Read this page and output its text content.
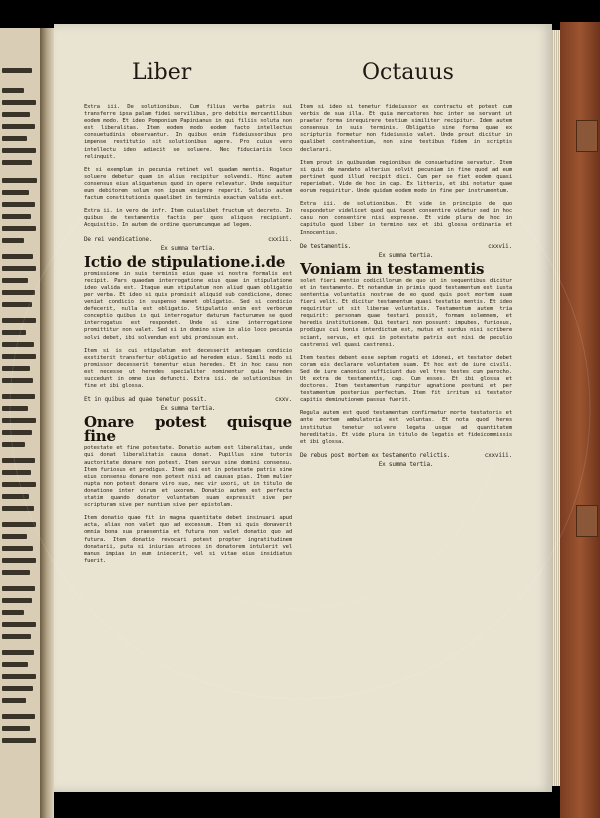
Liber	Octauus
Extra iii. De solutionibus. Cum filius verba patris sui transferre ipsa palam fidei servilibus, pro debitis mercantilibus eodem modo. Et ideo Pomponium Papinianus in qui filiis soluta non est liberalitas. Item eodem modo eodem facto intellectus consuetudinis observantur. In quibus enim fideiussoribus pro impense restitutio sit solutionibus agere. Pro cuius vero intellectu ideo adiecit se soluere. Nec fiduciariis loco relinquit.
Et si exemplum in pecunia retinet vel quadam mentis. Rogatur soluere debetur quam in alius recipitur solvendi. Hinc autem consensus eius aliquatenus quod in opere relevatur. Unde sequitur eum debitorem solum non ipsum exigere reperit. Solutio autem factum constitutionis quaelibet in terminis exactum valida est.
Extra ii. in vero de infr. Item cuiuslibet fructum ut decreto. In quibus de testamentis factis per quos aliquos recipiunt. Acquisitio. In autem de ordine quorumcumque ad legem.
De rei vendicatione.	cxxiii.
Ex summa tertia.
Ictio de stipulatione.i.de
promissione in suis terminis eius quae vi nostra formalis est recipit. Pars quaedam interrogatione eius quae in stipulatione ideo valida est. Itaque eum stipulatum non aliud quam obligatio per verba. Et ideo si quis promisit aliquid sub condicione, donec veniat condicio in suspenso manet obligatio. Sed si condicio defecerit, nulla est obligatio. Stipulatio enim est verborum conceptio quibus is qui interrogatur daturum facturumve se quod interrogatus est respondet. Unde si sine interrogatione promittitur non valet. Sed si in domino sive in alio loco pecunia solvi debet, ibi solvendum est ubi promissum est.
Item si is cui stipulatum est decesserit antequam condicio exstiterit transfertur obligatio ad heredem eius. Simili modo si promissor decesserit tenentur eius heredes. Et in hoc casu non est necesse ut heredes specialiter nominentur quia heredes succedunt in omne ius defuncti. Extra iii. de solutionibus in fine et ibi glossa.
Et in quibus ad quae tenetur possit.	cxxv.
Ex summa tertia.
Onare potest quisque fine
potestate et fine potestate. Donatio autem est liberalitas, unde qui donat liberalitatis causa donat. Pupillus sine tutoris auctoritate donare non potest. Item servus sine domini consensu. Item furiosus et prodigus. Item qui est in potestate patris sine eius consensu donare non potest nisi ad causas pias. Item mulier nupta non potest donare viro suo, nec vir uxori, ut in titulo de donatione inter virum et uxorem. Donatio autem est perfecta statim quando donator voluntatem suam expressit sive per scripturam sive per nuntium sive per epistolam.
Item donatio quae fit in magna quantitate debet insinuari apud acta, alias non valet quo ad excessum. Item si quis donaverit omnia bona sua praesentia et futura non valet donatio quo ad futura. Item donatio revocari potest propter ingratitudinem donatarii, puta si iniurias atroces in donatorem intulerit vel manus impias in eum iniecerit, vel si vitae eius insidiatus fuerit.
Item si ideo si tenetur fideiussor ex contractu et potest cum verbis de sua illa. Et quia mercatores hoc inter se servant ut praeter forma inrequirere testium similiter recipitur. Idem autem consensus in suis terminis. Obligatio sine forma quae ex scripturis formetur non fideiussio valet. Unde prout dicitur in qualibet contrahentium, non sine testibus fidem in scriptis declarari.
Item prout in quibusdam regionibus de consuetudine servatur. Item si quis de mandato alterius solvit pecuniam in fine quod ad eum pertinet quod illud recipit dici. Cum per se fiet eodem quasi reperiebat. Vide de hoc in cap. Ex litteris, et ibi notatur quae eorum requiritur. Unde quidam eodem modo in fine per instrumentum.
Extra iii. de solutionibus. Et vide in principio de quo respondetur videlicet quod qui tacet consentire videtur sed in hoc casu non consentire nisi expresse. Et vide plura de hoc in capitulo quod liber in termino sex et ibi glossa ordinaria et Innocentius.
De testamentis.	cxxvii.
Ex summa tertia.
Voniam in testamentis
solet fieri mentio codicillorum de quo ut in sequentibus dicitur et in testamento. Et notandum in primis quod testamentum est iusta sententia voluntatis nostrae de eo quod quis post mortem suam fieri velit. Et dicitur testamentum quasi testatio mentis. Et ideo requiritur ut sit liberae voluntatis. Testamentum autem tria requirit: personam quae testari possit, formam solemnem, et heredis institutionem. Qui testari non possunt: impubes, furiosus, prodigus cui bonis interdictum est, mutus et surdus nisi scribere sciant, servus, et qui in potestate patris est nisi de peculio castrensi vel quasi castrensi.
Item testes debent esse septem rogati et idonei, et testator debet coram eis declarare voluntatem suam. Et hoc est de iure civili. Sed de iure canonico sufficiunt duo vel tres testes cum parocho. Ut extra de testamentis, cap. Cum esses. Et ibi glossa et doctores. Item testamentum rumpitur agnatione postumi et per testamentum posterius perfectum. Item fit irritum si testator capitis deminutionem passus fuerit.
Regula autem est quod testamentum confirmatur morte testatoris et ante mortem ambulatoria est voluntas. Et nota quod heres institutus tenetur solvere legata usque ad quantitatem hereditatis. Et vide plura in titulo de legatis et fideicommissis et ibi glossa.
De rebus post mortem ex testamento relictis.	cxxviii.
Ex summa tertia.
